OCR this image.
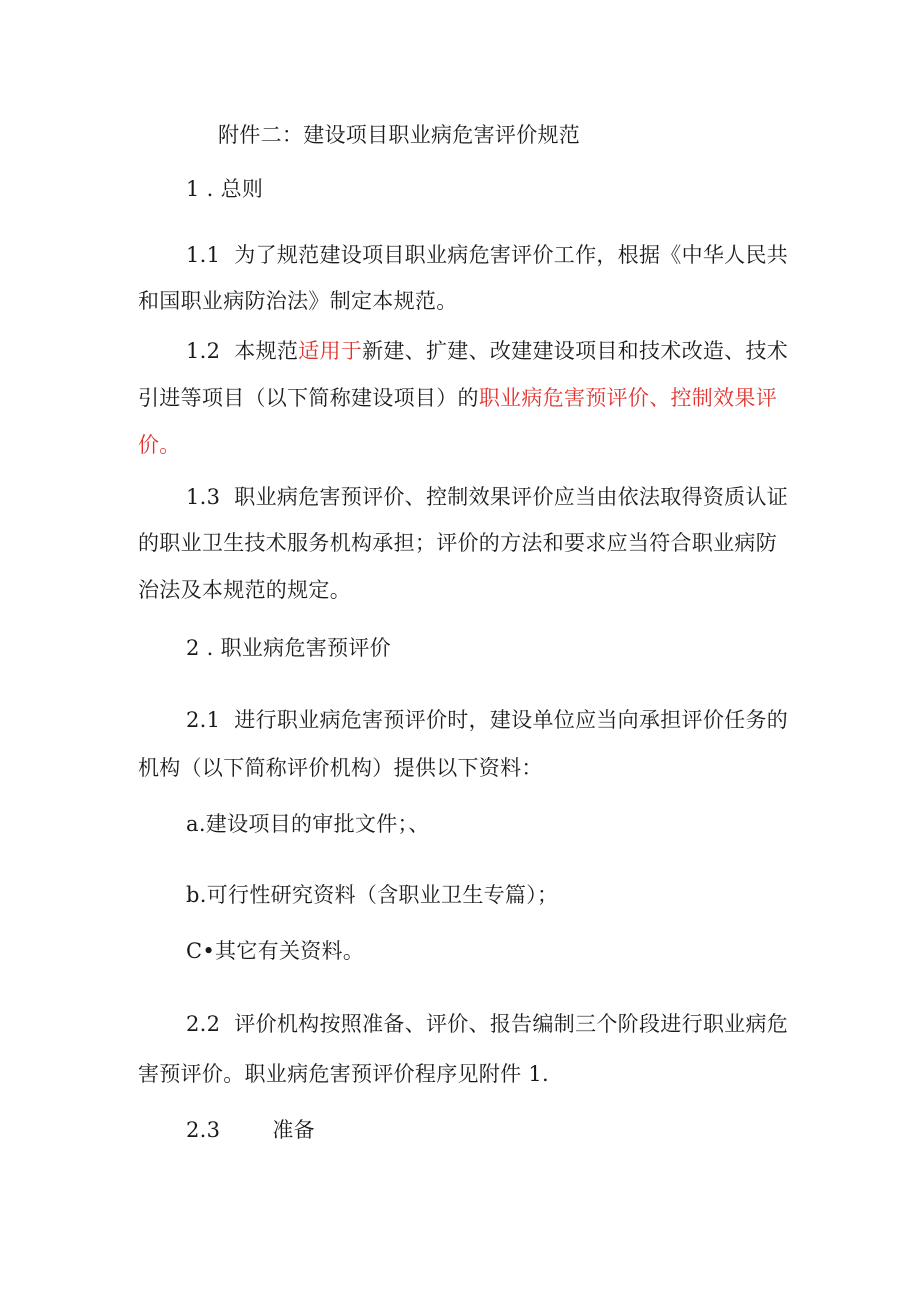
附件二：建设项目职业病危害评价规范
1 . 总则
1.1 为了规范建设项目职业病危害评价工作，根据《中华人民共
和国职业病防治法》制定本规范。
1.2 本规范适用于新建、扩建、改建建设项目和技术改造、技术
引进等项目（以下简称建设项目）的职业病危害预评价、控制效果评
价。
1.3 职业病危害预评价、控制效果评价应当由依法取得资质认证
的职业卫生技术服务机构承担；评价的方法和要求应当符合职业病防
治法及本规范的规定。
2 . 职业病危害预评价
2.1 进行职业病危害预评价时，建设单位应当向承担评价任务的
机构（以下简称评价机构）提供以下资料：
a.建设项目的审批文件；、
b.可行性研究资料（含职业卫生专篇）；
C•其它有关资料。
2.2 评价机构按照准备、评价、报告编制三个阶段进行职业病危
害预评价。职业病危害预评价程序见附件 1.
2.3 准备
